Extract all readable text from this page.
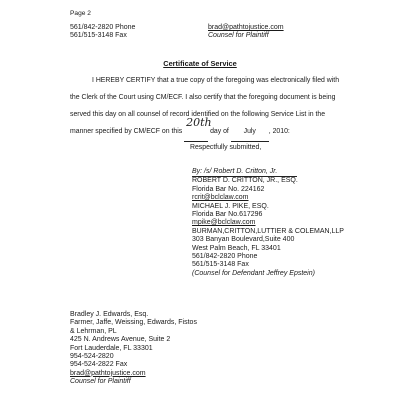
Page 2
561/842-2820 Phone
561/515-3148 Fax
brad@pathtojustice.com
Counsel for Plaintiff
Certificate of Service
I HEREBY CERTIFY that a true copy of the foregoing was electronically filed with
the Clerk of the Court using CM/ECF. I also certify that the foregoing document is being
served this day on all counsel of record identified on the following Service List in the
manner specified by CM/ECF on this
20th
day of July , 2010:
Respectfully submitted,
By: /s/ Robert D. Critton, Jr.

ROBERT D. CRITTON, JR., ESQ.
Florida Bar No. 224162
rcrit@bclclaw.com
MICHAEL J. PIKE, ESQ.
Florida Bar No.617296
mpike@bclclaw.com
BURMAN,CRITTON,LUTTIER & COLEMAN,LLP
303 Banyan Boulevard,Suite 400
West Palm Beach, FL 33401
561/842-2820 Phone
561/515-3148 Fax
(Counsel for Defendant Jeffrey Epstein)
Bradley J. Edwards, Esq.
Farmer, Jaffe, Weissing, Edwards, Fistos
& Lehrman, PL
425 N. Andrews Avenue, Suite 2
Fort Lauderdale, FL 33301
954-524-2820
954-524-2822 Fax
brad@pathtojustice.com
Counsel for Plaintiff
